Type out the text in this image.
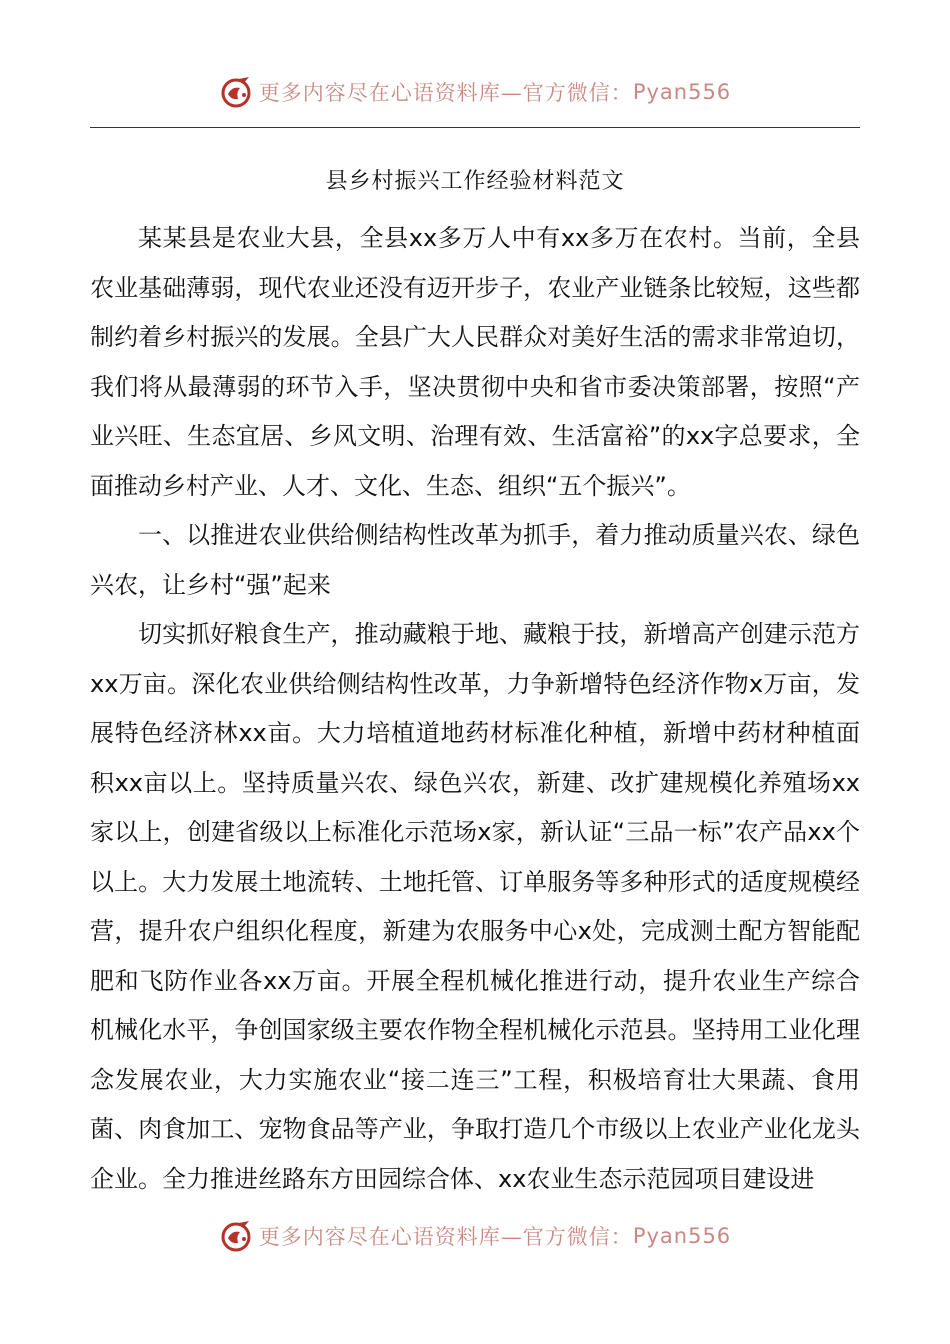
更多内容尽在心语资料库—官方微信： Pyan556
县乡村振兴工作经验材料范文

某某县是农业大县，全县xx多万人中有xx多万在农村。当前，全县农业基础薄弱，现代农业还没有迈开步子，农业产业链条比较短，这些都制约着乡村振兴的发展。全县广大人民群众对美好生活的需求非常迫切，我们将从最薄弱的环节入手，坚决贯彻中央和省市委决策部署，按照“产业兴旺、生态宜居、乡风文明、治理有效、生活富裕”的xx字总要求，全面推动乡村产业、人才、文化、生态、组织“五个振兴”。

一、以推进农业供给侧结构性改革为抓手，着力推动质量兴农、绿色兴农，让乡村“强”起来

切实抓好粮食生产，推动藏粮于地、藏粮于技，新增高产创建示范方xx万亩。深化农业供给侧结构性改革，力争新增特色经济作物x万亩，发展特色经济林xx亩。大力培植道地药材标准化种植，新增中药材种植面积xx亩以上。坚持质量兴农、绿色兴农，新建、改扩建规模化养殖场xx家以上，创建省级以上标准化示范场x家，新认证“三品一标”农产品xx个以上。大力发展土地流转、土地托管、订单服务等多种形式的适度规模经营，提升农户组织化程度，新建为农服务中心x处，完成测土配方智能配肥和飞防作业各xx万亩。开展全程机械化推进行动，提升农业生产综合机械化水平，争创国家级主要农作物全程机械化示范县。坚持用工业化理念发展农业，大力实施农业“接二连三”工程，积极培育壮大果蔬、食用菌、肉食加工、宠物食品等产业，争取打造几个市级以上农业产业化龙头企业。全力推进丝路东方田园综合体、xx农业生态示范园项目建设进

更多内容尽在心语资料库—官方微信： Pyan556
